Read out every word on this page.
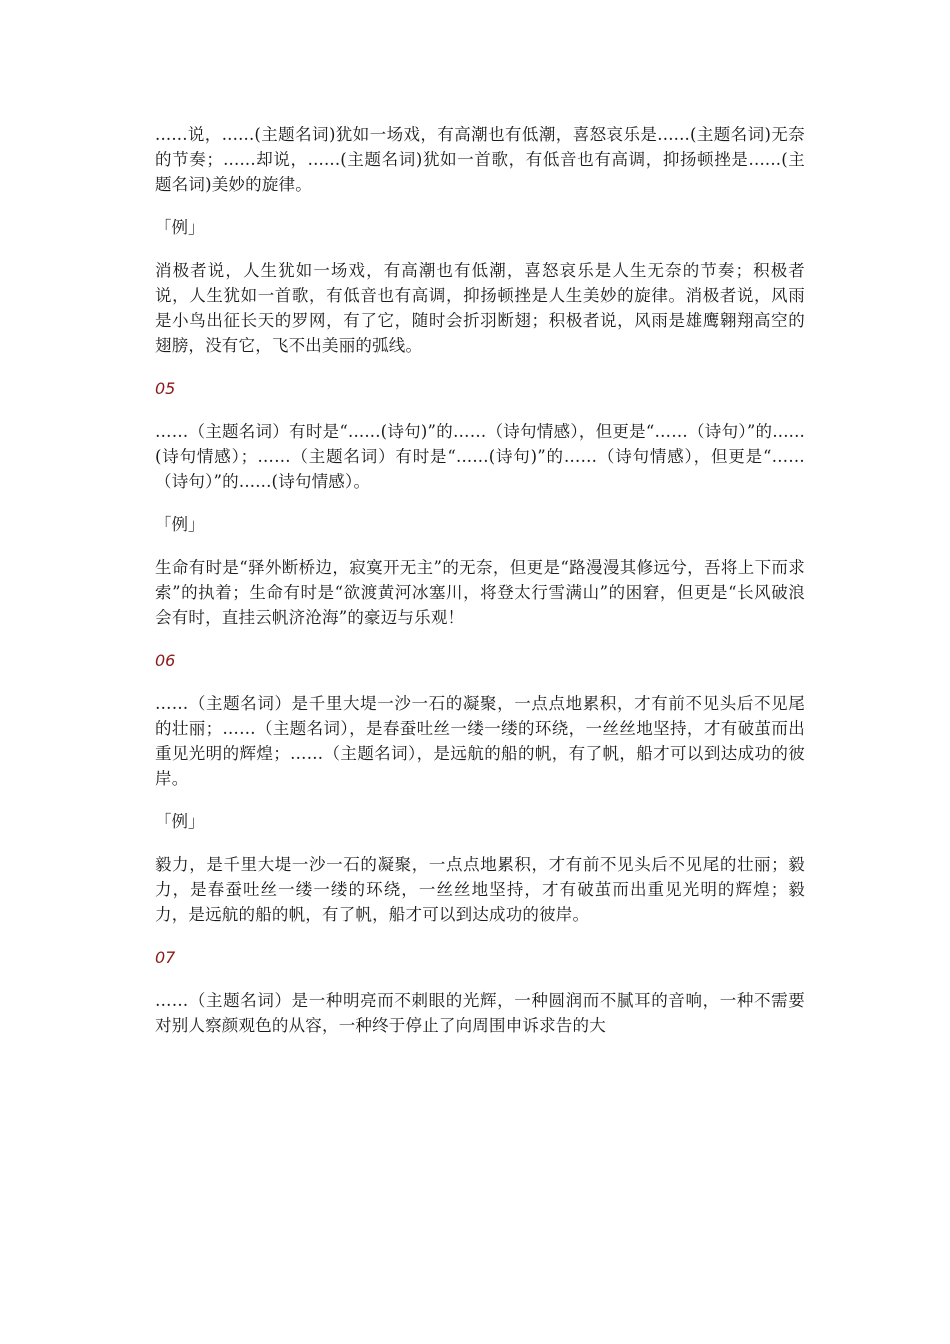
......说，......(主题名词)犹如一场戏，有高潮也有低潮，喜怒哀乐是......(主题名词)无奈的节奏；......却说，......(主题名词)犹如一首歌，有低音也有高调，抑扬顿挫是......(主题名词)美妙的旋律。

「例」

消极者说，人生犹如一场戏，有高潮也有低潮，喜怒哀乐是人生无奈的节奏；积极者说，人生犹如一首歌，有低音也有高调，抑扬顿挫是人生美妙的旋律。消极者说，风雨是小鸟出征长天的罗网，有了它，随时会折羽断翅；积极者说，风雨是雄鹰翱翔高空的翅膀，没有它，飞不出美丽的弧线。

05

……（主题名词）有时是“......(诗句)”的……（诗句情感），但更是“……（诗句）”的......(诗句情感）；……（主题名词）有时是“......(诗句)”的……（诗句情感），但更是“……（诗句）”的......(诗句情感）。

「例」

生命有时是“驿外断桥边，寂寞开无主”的无奈，但更是“路漫漫其修远兮，吾将上下而求索”的执着；生命有时是“欲渡黄河冰塞川，将登太行雪满山”的困窘，但更是“长风破浪会有时，直挂云帆济沧海”的豪迈与乐观！

06

……（主题名词）是千里大堤一沙一石的凝聚，一点点地累积，才有前不见头后不见尾的壮丽；……（主题名词），是春蚕吐丝一缕一缕的环绕，一丝丝地坚持，才有破茧而出重见光明的辉煌；……（主题名词），是远航的船的帆，有了帆，船才可以到达成功的彼岸。

「例」

毅力，是千里大堤一沙一石的凝聚，一点点地累积，才有前不见头后不见尾的壮丽；毅力，是春蚕吐丝一缕一缕的环绕，一丝丝地坚持，才有破茧而出重见光明的辉煌；毅力，是远航的船的帆，有了帆，船才可以到达成功的彼岸。

07

……（主题名词）是一种明亮而不刺眼的光辉，一种圆润而不腻耳的音响，一种不需要对别人察颜观色的从容，一种终于停止了向周围申诉求告的大
